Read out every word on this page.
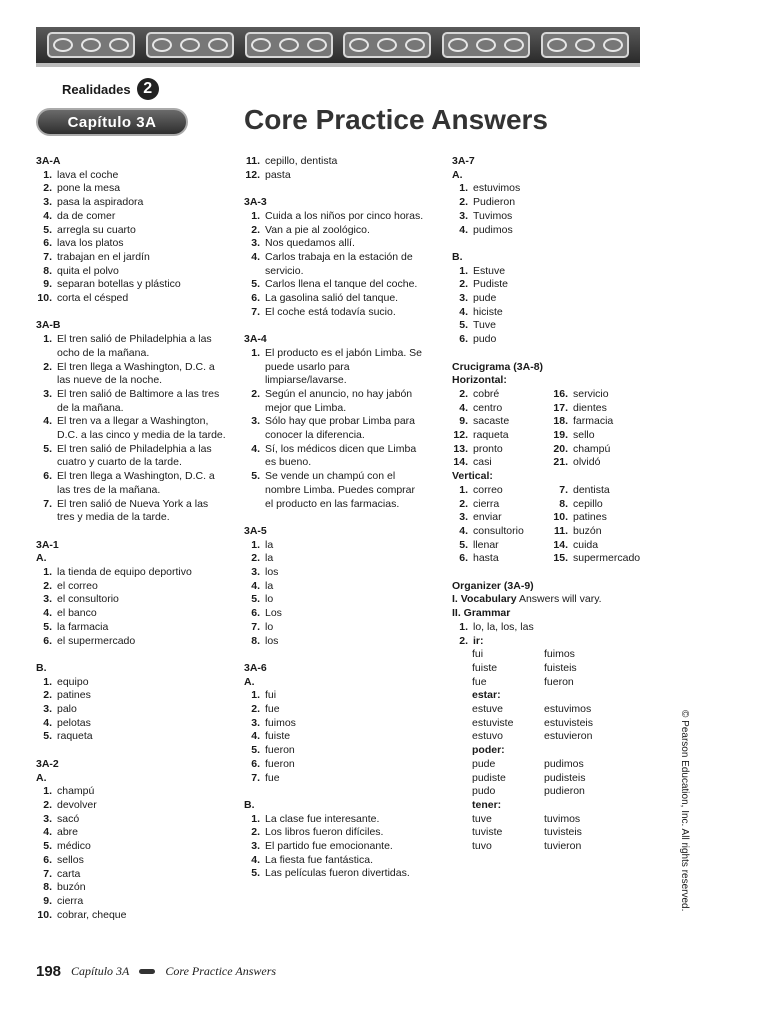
Realidades 2
Capítulo 3A	Core Practice Answers
3A-A
1. lava el coche
2. pone la mesa
3. pasa la aspiradora
4. da de comer
5. arregla su cuarto
6. lava los platos
7. trabajan en el jardín
8. quita el polvo
9. separan botellas y plástico
10. corta el césped
3A-B
1. El tren salió de Philadelphia a las ocho de la mañana.
2. El tren llega a Washington, D.C. a las nueve de la noche.
3. El tren salió de Baltimore a las tres de la mañana.
4. El tren va a llegar a Washington, D.C. a las cinco y media de la tarde.
5. El tren salió de Philadelphia a las cuatro y cuarto de la tarde.
6. El tren llega a Washington, D.C. a las tres de la mañana.
7. El tren salió de Nueva York a las tres y media de la tarde.
3A-1
A.
1. la tienda de equipo deportivo
2. el correo
3. el consultorio
4. el banco
5. la farmacia
6. el supermercado
B.
1. equipo
2. patines
3. palo
4. pelotas
5. raqueta
3A-2
A.
1. champú
2. devolver
3. sacó
4. abre
5. médico
6. sellos
7. carta
8. buzón
9. cierra
10. cobrar, cheque
11. cepillo, dentista
12. pasta
3A-3
1. Cuida a los niños por cinco horas.
2. Van a pie al zoológico.
3. Nos quedamos allí.
4. Carlos trabaja en la estación de servicio.
5. Carlos llena el tanque del coche.
6. La gasolina salió del tanque.
7. El coche está todavía sucio.
3A-4
1. El producto es el jabón Limba. Se puede usarlo para limpiarse/lavarse.
2. Según el anuncio, no hay jabón mejor que Limba.
3. Sólo hay que probar Limba para conocer la diferencia.
4. Sí, los médicos dicen que Limba es bueno.
5. Se vende un champú con el nombre Limba. Puedes comprar el producto en las farmacias.
3A-5
1. la
2. la
3. los
4. la
5. lo
6. Los
7. lo
8. los
3A-6
A.
1. fui
2. fue
3. fuimos
4. fuiste
5. fueron
6. fueron
7. fue
B.
1. La clase fue interesante.
2. Los libros fueron difíciles.
3. El partido fue emocionante.
4. La fiesta fue fantástica.
5. Las películas fueron divertidas.
3A-7
A.
1. estuvimos
2. Pudieron
3. Tuvimos
4. pudimos
B.
1. Estuve
2. Pudiste
3. pude
4. hiciste
5. Tuve
6. pudo
Crucigrama (3A-8)
Horizontal:
2. cobré	16. servicio
4. centro	17. dientes
9. sacaste	18. farmacia
12. raqueta	19. sello
13. pronto	20. champú
14. casi	21. olvidó
Vertical:
1. correo	7. dentista
2. cierra	8. cepillo
3. enviar	10. patines
4. consultorio	11. buzón
5. llenar	14. cuida
6. hasta	15. supermercado
Organizer (3A-9)
I. Vocabulary Answers will vary.
II. Grammar
1. lo, la, los, las
2. ir:
fui	fuimos
fuiste	fuisteis
fue	fueron
estar:
estuve	estuvimos
estuviste	estuvisteis
estuvo	estuvieron
poder:
pude	pudimos
pudiste	pudisteis
pudo	pudieron
tener:
tuve	tuvimos
tuviste	tuvisteis
tuvo	tuvieron	© Pearson Education, Inc. All rights reserved.
198 Capítulo 3A	Core Practice Answers
